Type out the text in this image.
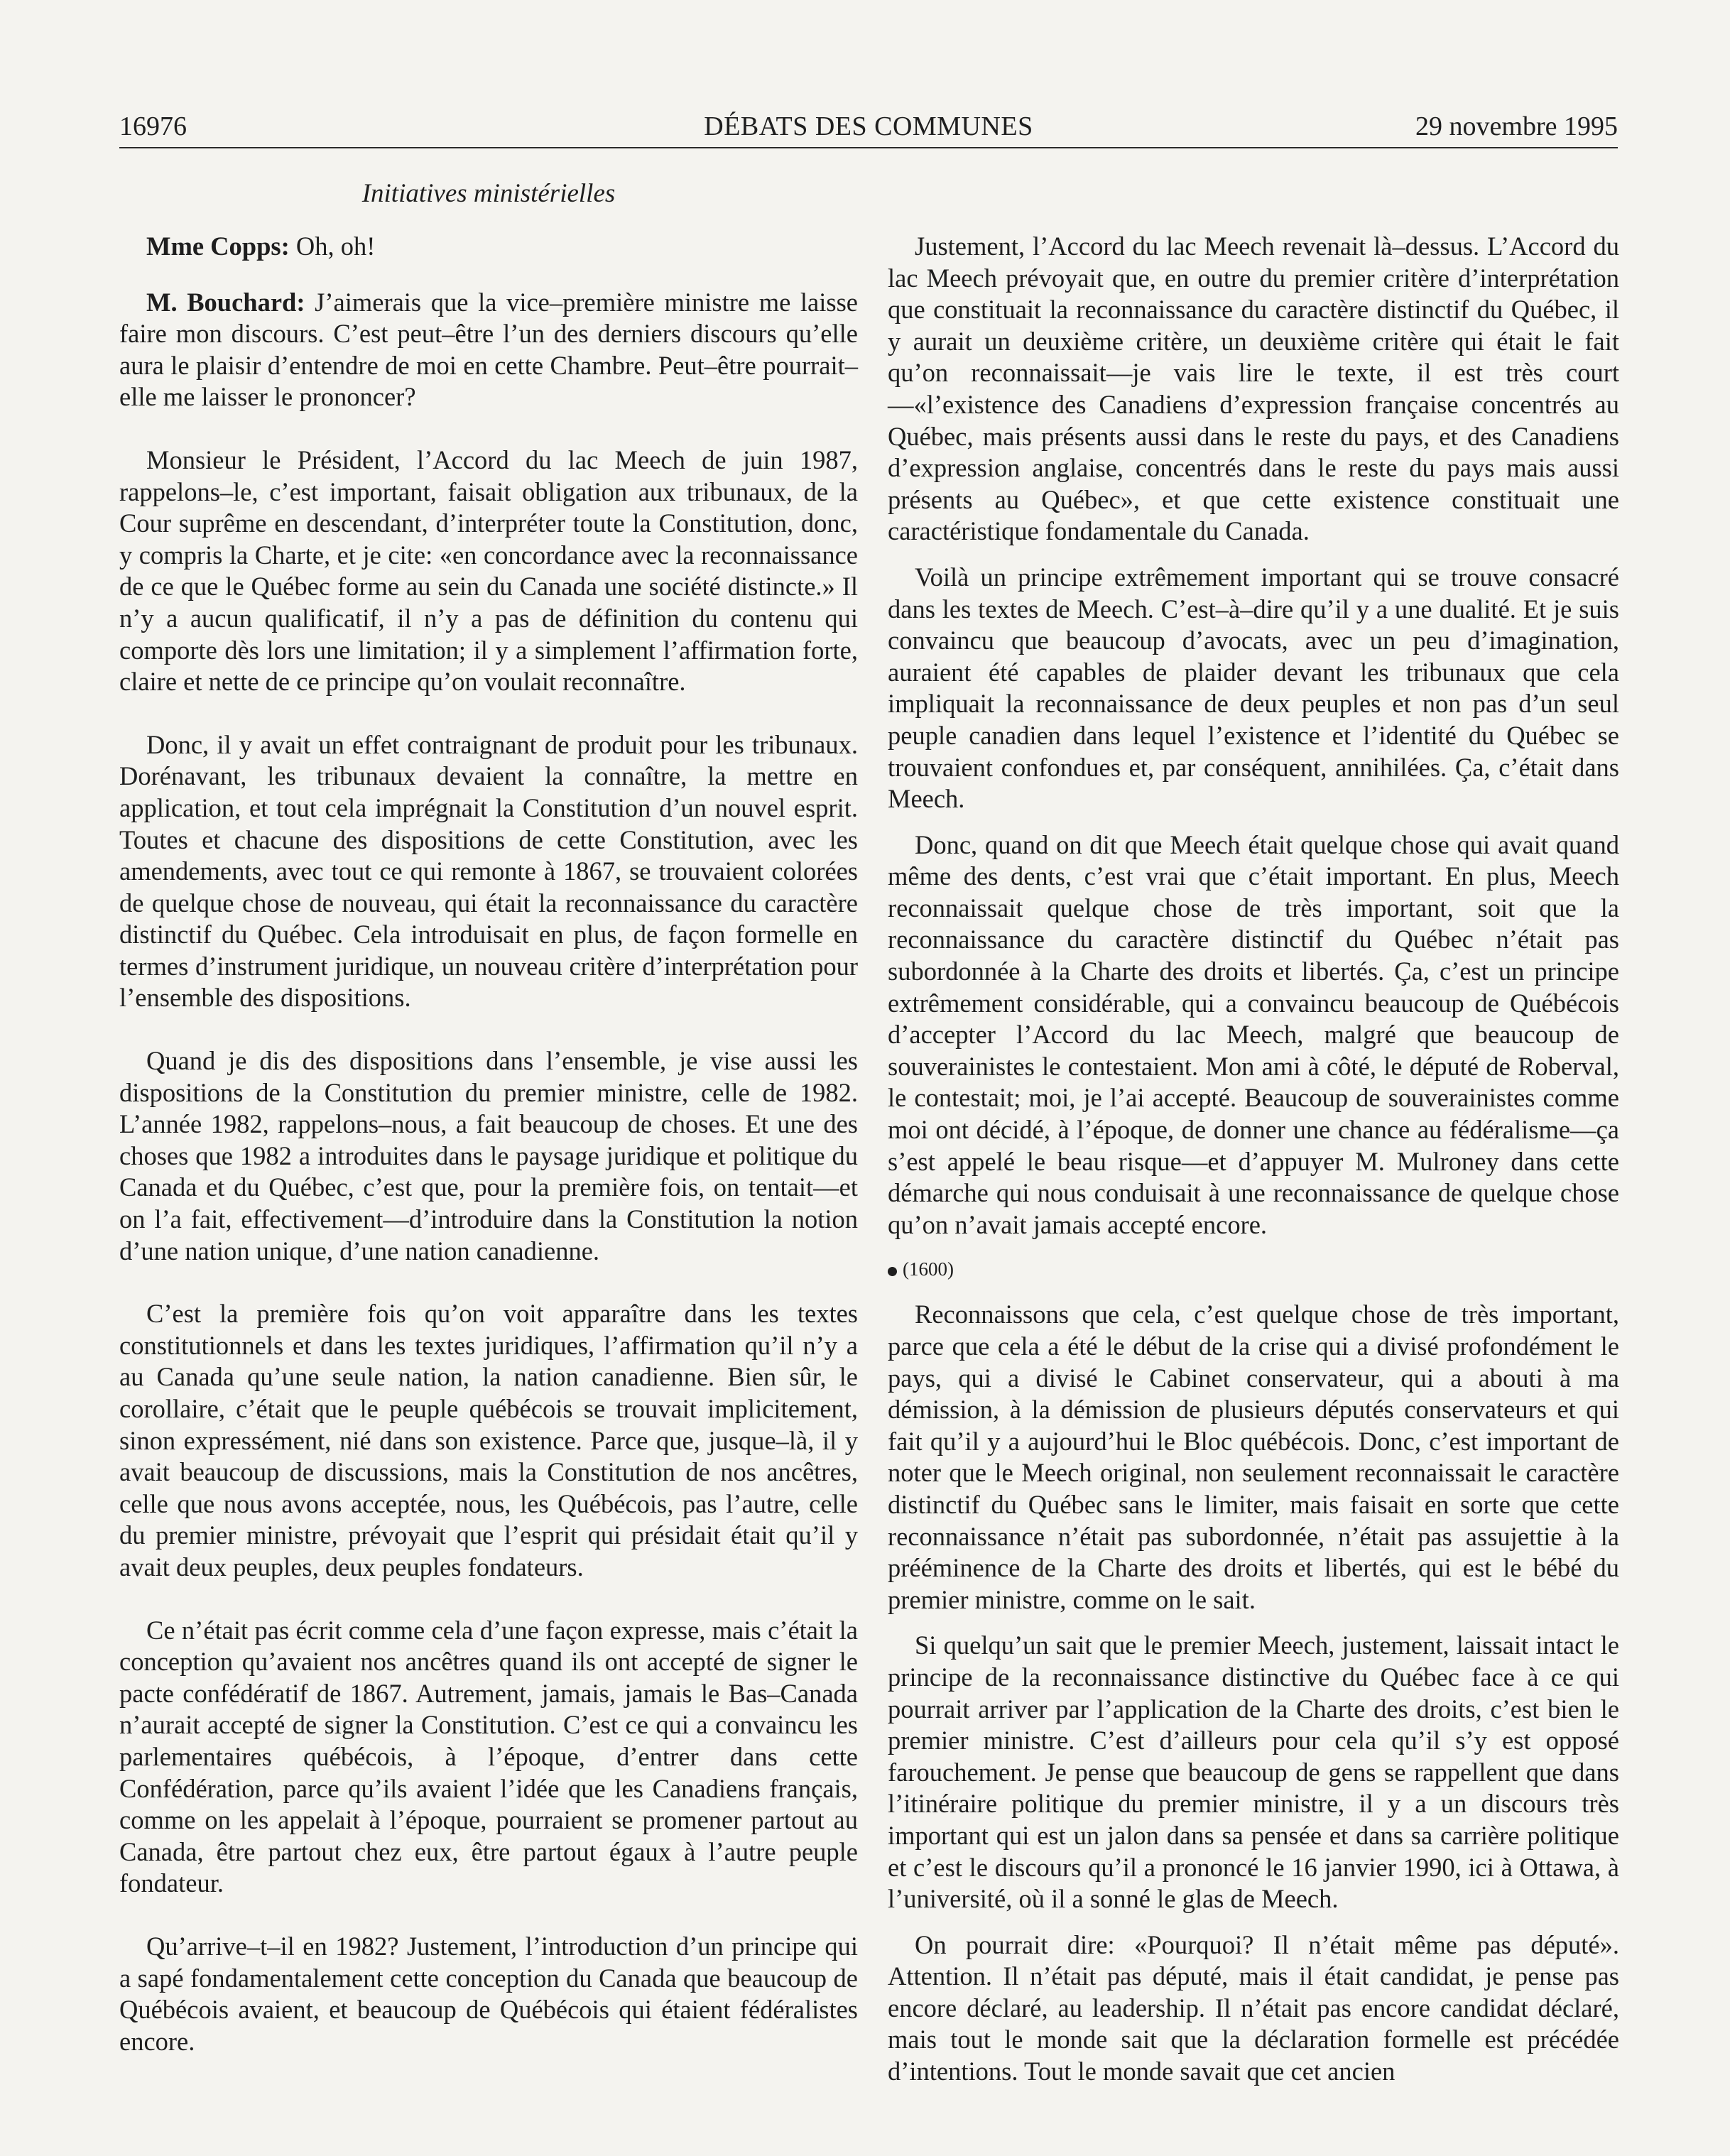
16976	DÉBATS DES COMMUNES	29 novembre 1995
Initiatives ministérielles

Mme Copps: Oh, oh!

M. Bouchard: J’aimerais que la vice–première ministre me laisse faire mon discours. C’est peut–être l’un des derniers discours qu’elle aura le plaisir d’entendre de moi en cette Chambre. Peut–être pourrait–elle me laisser le prononcer?

Monsieur le Président, l’Accord du lac Meech de juin 1987, rappelons–le, c’est important, faisait obligation aux tribunaux, de la Cour suprême en descendant, d’interpréter toute la Constitution, donc, y compris la Charte, et je cite: «en concordance avec la reconnaissance de ce que le Québec forme au sein du Canada une société distincte.» Il n’y a aucun qualificatif, il n’y a pas de définition du contenu qui comporte dès lors une limitation; il y a simplement l’affirmation forte, claire et nette de ce principe qu’on voulait reconnaître.

Donc, il y avait un effet contraignant de produit pour les tribunaux. Dorénavant, les tribunaux devaient la connaître, la mettre en application, et tout cela imprégnait la Constitution d’un nouvel esprit. Toutes et chacune des dispositions de cette Constitution, avec les amendements, avec tout ce qui remonte à 1867, se trouvaient colorées de quelque chose de nouveau, qui était la reconnaissance du caractère distinctif du Québec. Cela introduisait en plus, de façon formelle en termes d’instrument juridique, un nouveau critère d’interprétation pour l’ensemble des dispositions.

Quand je dis des dispositions dans l’ensemble, je vise aussi les dispositions de la Constitution du premier ministre, celle de 1982. L’année 1982, rappelons–nous, a fait beaucoup de choses. Et une des choses que 1982 a introduites dans le paysage juridique et politique du Canada et du Québec, c’est que, pour la première fois, on tentait—et on l’a fait, effectivement—d’introduire dans la Constitution la notion d’une nation unique, d’une nation canadienne.

C’est la première fois qu’on voit apparaître dans les textes constitutionnels et dans les textes juridiques, l’affirmation qu’il n’y a au Canada qu’une seule nation, la nation canadienne. Bien sûr, le corollaire, c’était que le peuple québécois se trouvait implicitement, sinon expressément, nié dans son existence. Parce que, jusque–là, il y avait beaucoup de discussions, mais la Constitution de nos ancêtres, celle que nous avons acceptée, nous, les Québécois, pas l’autre, celle du premier ministre, prévoyait que l’esprit qui présidait était qu’il y avait deux peuples, deux peuples fondateurs.

Ce n’était pas écrit comme cela d’une façon expresse, mais c’était la conception qu’avaient nos ancêtres quand ils ont accepté de signer le pacte confédératif de 1867. Autrement, jamais, jamais le Bas–Canada n’aurait accepté de signer la Constitution. C’est ce qui a convaincu les parlementaires québécois, à l’époque, d’entrer dans cette Confédération, parce qu’ils avaient l’idée que les Canadiens français, comme on les appelait à l’époque, pourraient se promener partout au Canada, être partout chez eux, être partout égaux à l’autre peuple fondateur.

Qu’arrive–t–il en 1982? Justement, l’introduction d’un principe qui a sapé fondamentalement cette conception du Canada que beaucoup de Québécois avaient, et beaucoup de Québécois qui étaient fédéralistes encore.

Justement, l’Accord du lac Meech revenait là–dessus. L’Accord du lac Meech prévoyait que, en outre du premier critère d’interprétation que constituait la reconnaissance du caractère distinctif du Québec, il y aurait un deuxième critère, un deuxième critère qui était le fait qu’on reconnaissait—je vais lire le texte, il est très court—«l’existence des Canadiens d’expression française concentrés au Québec, mais présents aussi dans le reste du pays, et des Canadiens d’expression anglaise, concentrés dans le reste du pays mais aussi présents au Québec», et que cette existence constituait une caractéristique fondamentale du Canada.

Voilà un principe extrêmement important qui se trouve consacré dans les textes de Meech. C’est–à–dire qu’il y a une dualité. Et je suis convaincu que beaucoup d’avocats, avec un peu d’imagination, auraient été capables de plaider devant les tribunaux que cela impliquait la reconnaissance de deux peuples et non pas d’un seul peuple canadien dans lequel l’existence et l’identité du Québec se trouvaient confondues et, par conséquent, annihilées. Ça, c’était dans Meech.

Donc, quand on dit que Meech était quelque chose qui avait quand même des dents, c’est vrai que c’était important. En plus, Meech reconnaissait quelque chose de très important, soit que la reconnaissance du caractère distinctif du Québec n’était pas subordonnée à la Charte des droits et libertés. Ça, c’est un principe extrêmement considérable, qui a convaincu beaucoup de Québécois d’accepter l’Accord du lac Meech, malgré que beaucoup de souverainistes le contestaient. Mon ami à côté, le député de Roberval, le contestait; moi, je l’ai accepté. Beaucoup de souverainistes comme moi ont décidé, à l’époque, de donner une chance au fédéralisme—ça s’est appelé le beau risque—et d’appuyer M. Mulroney dans cette démarche qui nous conduisait à une reconnaissance de quelque chose qu’on n’avait jamais accepté encore.

(1600)

Reconnaissons que cela, c’est quelque chose de très important, parce que cela a été le début de la crise qui a divisé profondément le pays, qui a divisé le Cabinet conservateur, qui a abouti à ma démission, à la démission de plusieurs députés conservateurs et qui fait qu’il y a aujourd’hui le Bloc québécois. Donc, c’est important de noter que le Meech original, non seulement reconnaissait le caractère distinctif du Québec sans le limiter, mais faisait en sorte que cette reconnaissance n’était pas subordonnée, n’était pas assujettie à la prééminence de la Charte des droits et libertés, qui est le bébé du premier ministre, comme on le sait.

Si quelqu’un sait que le premier Meech, justement, laissait intact le principe de la reconnaissance distinctive du Québec face à ce qui pourrait arriver par l’application de la Charte des droits, c’est bien le premier ministre. C’est d’ailleurs pour cela qu’il s’y est opposé farouchement. Je pense que beaucoup de gens se rappellent que dans l’itinéraire politique du premier ministre, il y a un discours très important qui est un jalon dans sa pensée et dans sa carrière politique et c’est le discours qu’il a prononcé le 16 janvier 1990, ici à Ottawa, à l’université, où il a sonné le glas de Meech.

On pourrait dire: «Pourquoi? Il n’était même pas député». Attention. Il n’était pas député, mais il était candidat, je pense pas encore déclaré, au leadership. Il n’était pas encore candidat déclaré, mais tout le monde sait que la déclaration formelle est précédée d’intentions. Tout le monde savait que cet ancien
